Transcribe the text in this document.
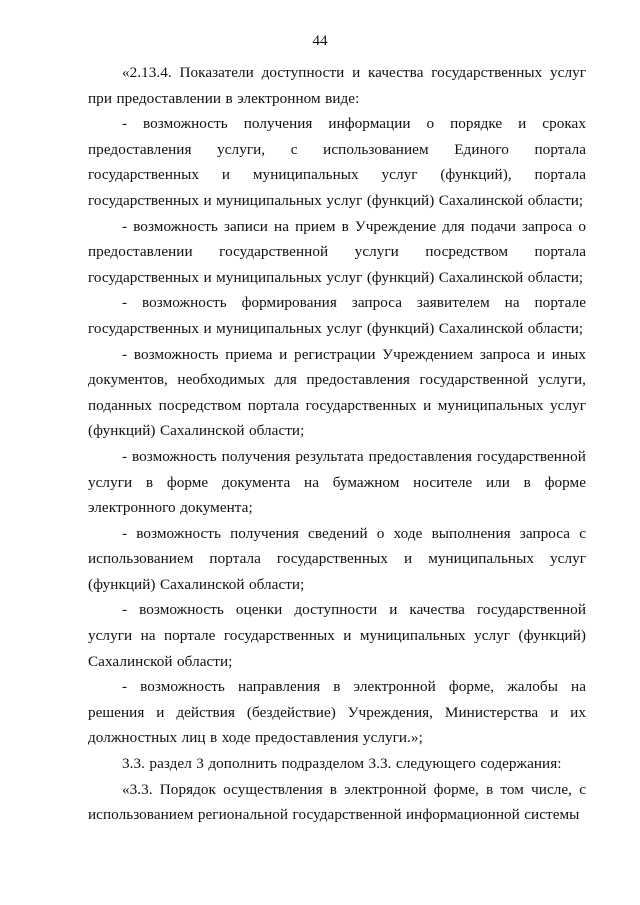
44

«2.13.4. Показатели доступности и качества государственных услуг при предоставлении в электронном виде:

- возможность получения информации о порядке и сроках предоставления услуги, с использованием Единого портала государственных и муниципальных услуг (функций), портала государственных и муниципальных услуг (функций) Сахалинской области;

- возможность записи на прием в Учреждение для подачи запроса о предоставлении государственной услуги посредством портала государственных и муниципальных услуг (функций) Сахалинской области;

- возможность формирования запроса заявителем на портале государственных и муниципальных услуг (функций) Сахалинской области;

- возможность приема и регистрации Учреждением запроса и иных документов, необходимых для предоставления государственной услуги, поданных посредством портала государственных и муниципальных услуг (функций) Сахалинской области;

- возможность получения результата предоставления государственной услуги в форме документа на бумажном носителе или в форме электронного документа;

- возможность получения сведений о ходе выполнения запроса с использованием портала государственных и муниципальных услуг (функций) Сахалинской области;

- возможность оценки доступности и качества государственной услуги на портале государственных и муниципальных услуг (функций) Сахалинской области;

- возможность направления в электронной форме, жалобы на решения и действия (бездействие) Учреждения, Министерства и их должностных лиц в ходе предоставления услуги.»;

3.3. раздел 3 дополнить подразделом 3.3. следующего содержания:

«3.3. Порядок осуществления в электронной форме, в том числе, с использованием региональной государственной информационной системы
